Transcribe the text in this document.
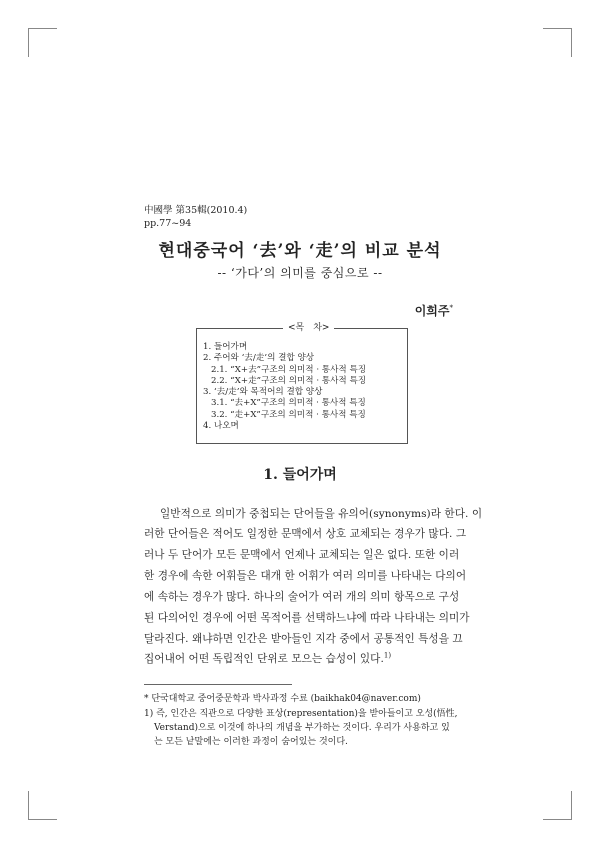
中國學 第35輯(2010.4)
pp.77~94
현대중국어 ‘去’와 ‘走’의 비교 분석
-- ‘가다’의 의미를 중심으로 --
이희주*
<목　차>
1. 들어가며
2. 주어와 ‘去/走’의 결합 양상
2.1. “X+去”구조의 의미적 · 통사적 특징
2.2. “X+走”구조의 의미적 · 통사적 특징
3. ‘去/走’와 목적어의 결합 양상
3.1. “去+X”구조의 의미적 · 통사적 특징
3.2. “走+X”구조의 의미적 · 통사적 특징
4. 나오며
1. 들어가며
일반적으로 의미가 중첩되는 단어들을 유의어(synonyms)라 한다. 이
러한 단어들은 적어도 일정한 문맥에서 상호 교체되는 경우가 많다. 그
러나 두 단어가 모든 문맥에서 언제나 교체되는 일은 없다. 또한 이러
한 경우에 속한 어휘들은 대개 한 어휘가 여러 의미를 나타내는 다의어
에 속하는 경우가 많다. 하나의 술어가 여러 개의 의미 항목으로 구성
된 다의어인 경우에 어떤 목적어를 선택하느냐에 따라 나타내는 의미가
달라진다. 왜냐하면 인간은 받아들인 지각 중에서 공통적인 특성을 끄
집어내어 어떤 독립적인 단위로 모으는 습성이 있다.$^{1)}$
* 단국대학교 중어중문학과 박사과정 수료 (baikhak04@naver.com)
1) 즉, 인간은 직관으로 다양한 표상(representation)을 받아들이고 오성(悟性,
Verstand)으로 이것에 하나의 개념을 부가하는 것이다. 우리가 사용하고 있
는 모든 낱말에는 이러한 과정이 숨어있는 것이다.
